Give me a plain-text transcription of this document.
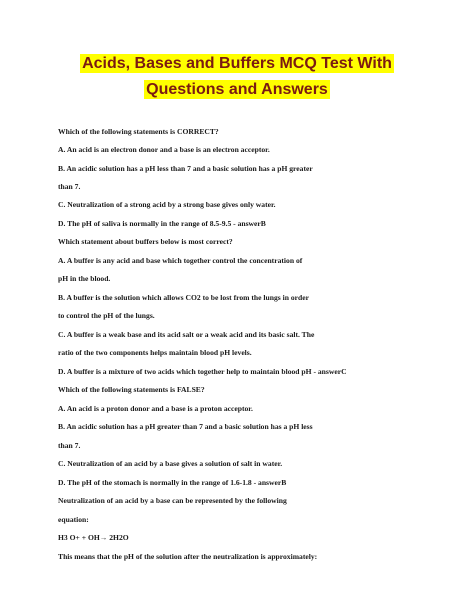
Acids, Bases and Buffers MCQ Test With
Questions and Answers
Which of the following statements is CORRECT?
A. An acid is an electron donor and a base is an electron acceptor.
B. An acidic solution has a pH less than 7 and a basic solution has a pH greater
than 7.
C. Neutralization of a strong acid by a strong base gives only water.
D. The pH of saliva is normally in the range of 8.5-9.5 - answerB
Which statement about buffers below is most correct?
A. A buffer is any acid and base which together control the concentration of
pH in the blood.
B. A buffer is the solution which allows CO2 to be lost from the lungs in order
to control the pH of the lungs.
C. A buffer is a weak base and its acid salt or a weak acid and its basic salt. The
ratio of the two components helps maintain blood pH levels.
D. A buffer is a mixture of two acids which together help to maintain blood pH - answerC
Which of the following statements is FALSE?
A. An acid is a proton donor and a base is a proton acceptor.
B. An acidic solution has a pH greater than 7 and a basic solution has a pH less
than 7.
C. Neutralization of an acid by a base gives a solution of salt in water.
D. The pH of the stomach is normally in the range of 1.6-1.8 - answerB
Neutralization of an acid by a base can be represented by the following
equation:
H3 O+ + OH→ 2H2O
This means that the pH of the solution after the neutralization is approximately:
